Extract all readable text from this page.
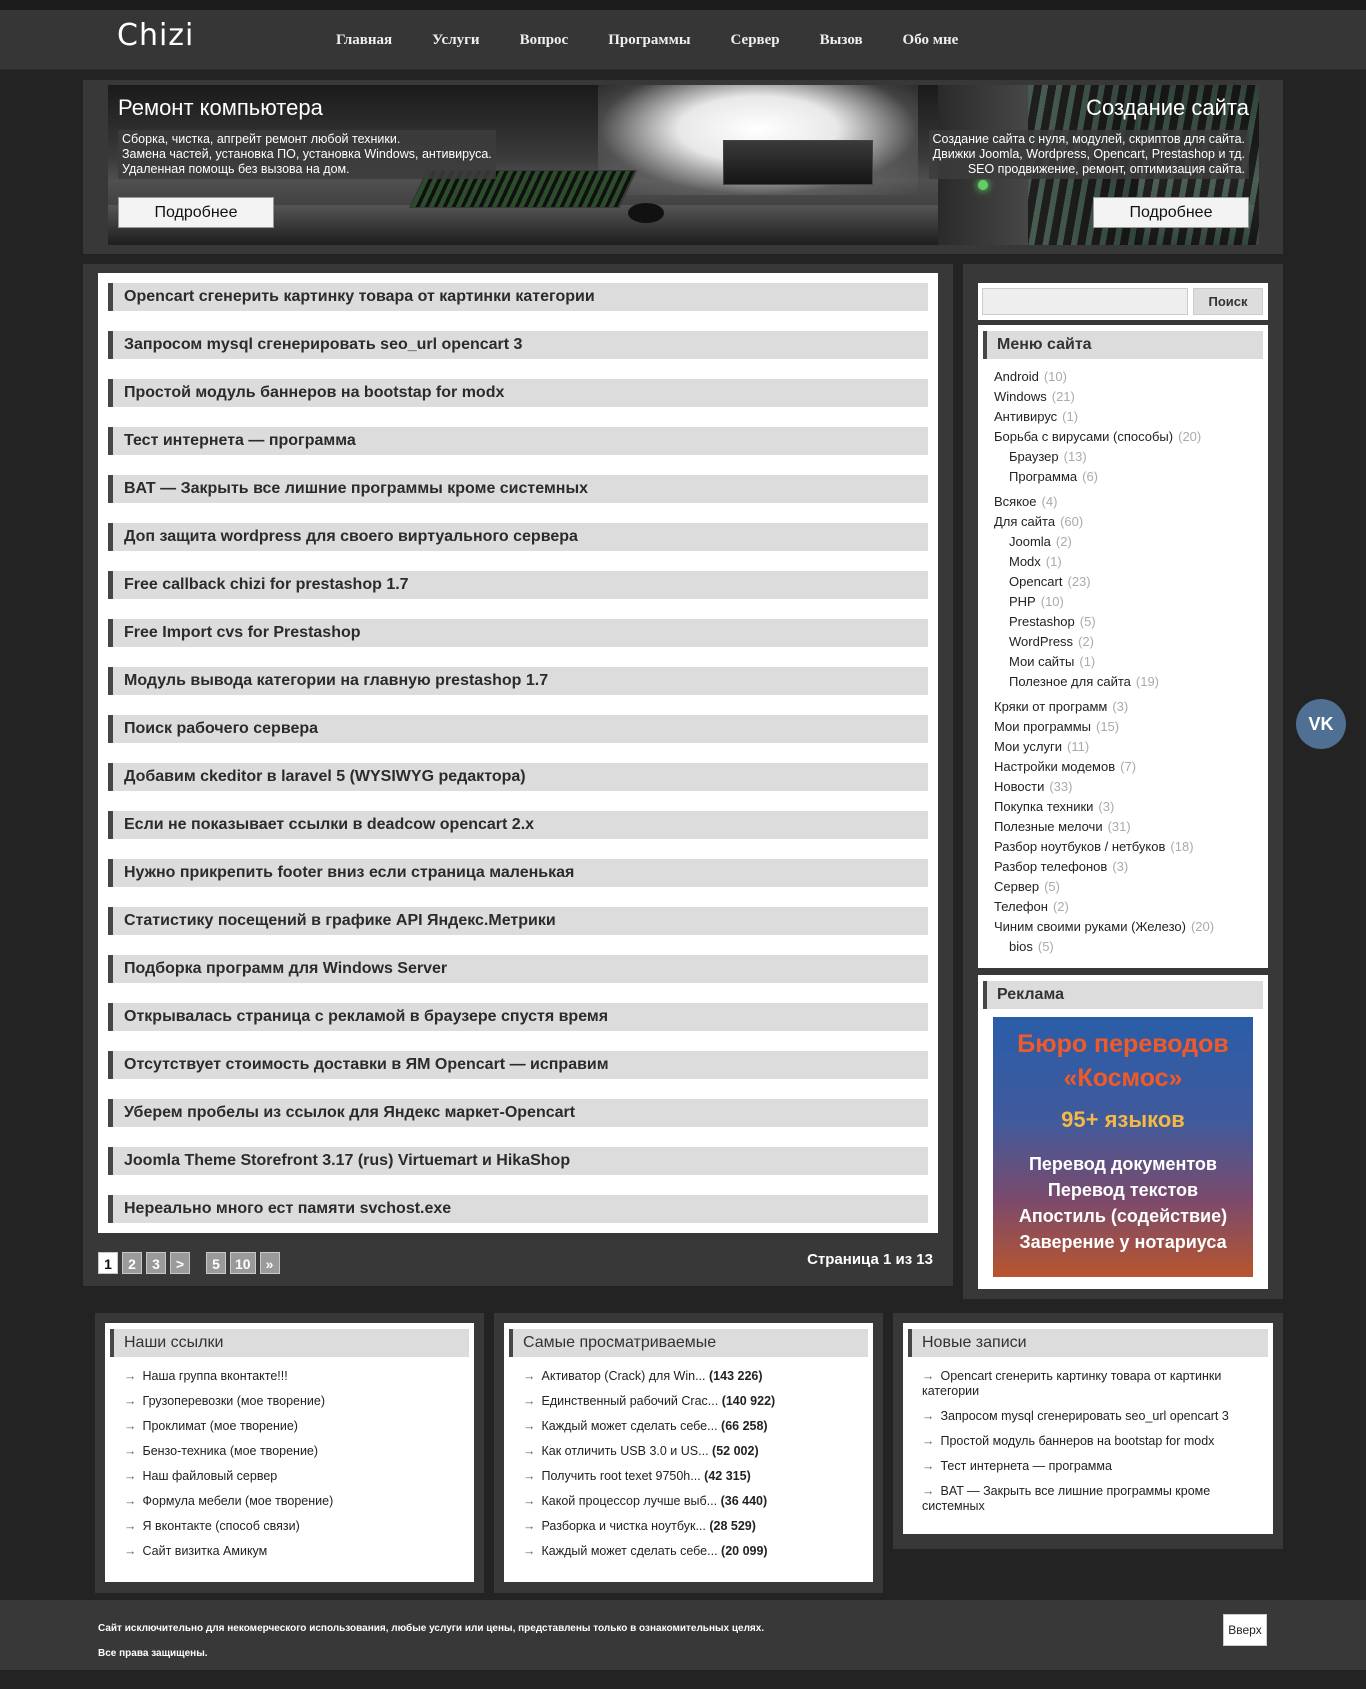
Chizi	Главная	Услуги	Вопрос	Программы	Сервер	Вызов	Обо мне
Ремонт компьютера
Сборка, чистка, апгрейт ремонт любой техники.
Замена частей, установка ПО, установка Windows, антивируса.
Удаленная помощь без вызова на дом.
Подробнее
Создание сайта
Создание сайта с нуля, модулей, скриптов для сайта.
Движки Joomla, Wordpress, Opencart, Prestashop и тд.
SEO продвижение, ремонт, оптимизация сайта.
Подробнее
Opencart сгенерить картинку товара от картинки категории
Запросом mysql сгенерировать seo_url opencart 3
Простой модуль баннеров на bootstap for modx
Тест интернета — программа
BAT — Закрыть все лишние программы кроме системных
Доп защита wordpress для своего виртуального сервера
Free callback chizi for prestashop 1.7
Free Import cvs for Prestashop
Модуль вывода категории на главную prestashop 1.7
Поиск рабочего сервера
Добавим ckeditor в laravel 5 (WYSIWYG редактора)
Если не показывает ссылки в deadcow opencart 2.x
Нужно прикрепить footer вниз если страница маленькая
Статистику посещений в графике API Яндекс.Метрики
Подборка программ для Windows Server
Открывалась страница с рекламой в браузере спустя время
Отсутствует стоимость доставки в ЯМ Opencart — исправим
Уберем пробелы из ссылок для Яндекс маркет-Opencart
Joomla Theme Storefront 3.17 (rus) Virtuemart и HikaShop
Нереально много ест памяти svchost.exe
1	2	3	>	5	10	»	Страница 1 из 13
Поиск
Меню сайта
Android (10)
Windows (21)
Антивирус (1)
Борьба с вирусами (способы) (20)
Браузер (13)
Программа (6)
Всякое (4)
Для сайта (60)
Joomla (2)
Modx (1)
Opencart (23)
PHP (10)
Prestashop (5)
WordPress (2)
Мои сайты (1)
Полезное для сайта (19)
Кряки от программ (3)
Мои программы (15)
Мои услуги (11)
Настройки модемов (7)
Новости (33)
Покупка техники (3)
Полезные мелочи (31)
Разбор ноутбуков / нетбуков (18)
Разбор телефонов (3)
Сервер (5)
Телефон (2)
Чиним своими руками (Железо) (20)
bios (5)
Реклама
Бюро переводов
«Космос»
95+ языков
Перевод документов
Перевод текстов
Апостиль (содействие)
Заверение у нотариуса
VK
Наши ссылки
→ Наша группа вконтакте!!!
→ Грузоперевозки (мое творение)
→ Проклимат (мое творение)
→ Бензо-техника (мое творение)
→ Наш файловый сервер
→ Формула мебели (мое творение)
→ Я вконтакте (способ связи)
→ Сайт визитка Амикум
Самые просматриваемые
→ Активатор (Crack) для Win... (143 226)
→ Единственный рабочий Crac... (140 922)
→ Каждый может сделать себе... (66 258)
→ Как отличить USB 3.0 и US... (52 002)
→ Получить root texet 9750h... (42 315)
→ Какой процессор лучше выб... (36 440)
→ Разборка и чистка ноутбук... (28 529)
→ Каждый может сделать себе... (20 099)
Новые записи
→ Opencart сгенерить картинку товара от картинки категории
→ Запросом mysql сгенерировать seo_url opencart 3
→ Простой модуль баннеров на bootstap for modx
→ Тест интернета — программа
→ BAT — Закрыть все лишние программы кроме системных
Сайт исключительно для некомерческого использования, любые услуги или цены, представлены только в ознакомительных целях.
Все права защищены.
Вверх
